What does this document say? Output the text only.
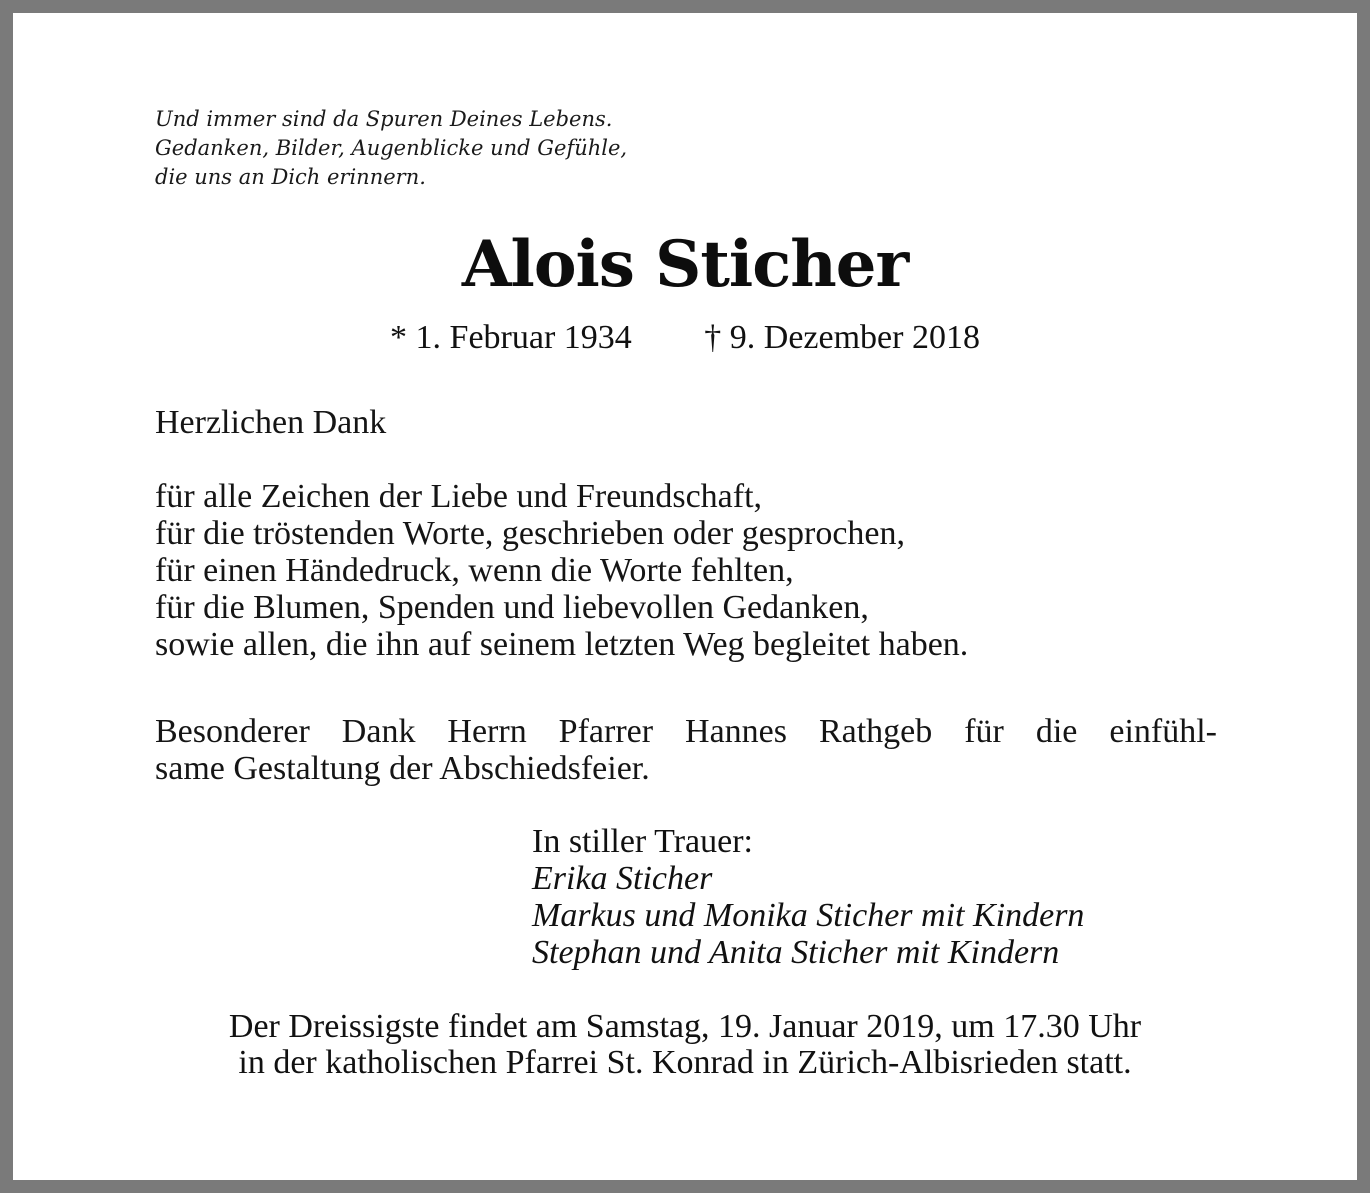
Und immer sind da Spuren Deines Lebens.
Gedanken, Bilder, Augenblicke und Gefühle,
die uns an Dich erinnern.
Alois Sticher
* 1. Februar 1934 † 9. Dezember 2018
Herzlichen Dank
für alle Zeichen der Liebe und Freundschaft,
für die tröstenden Worte, geschrieben oder gesprochen,
für einen Händedruck, wenn die Worte fehlten,
für die Blumen, Spenden und liebevollen Gedanken,
sowie allen, die ihn auf seinem letzten Weg begleitet haben.
Besonderer Dank Herrn Pfarrer Hannes Rathgeb für die einfühl-
same Gestaltung der Abschiedsfeier.
In stiller Trauer:
Erika Sticher
Markus und Monika Sticher mit Kindern
Stephan und Anita Sticher mit Kindern
Der Dreissigste findet am Samstag, 19. Januar 2019, um 17.30 Uhr
in der katholischen Pfarrei St. Konrad in Zürich-Albisrieden statt.
